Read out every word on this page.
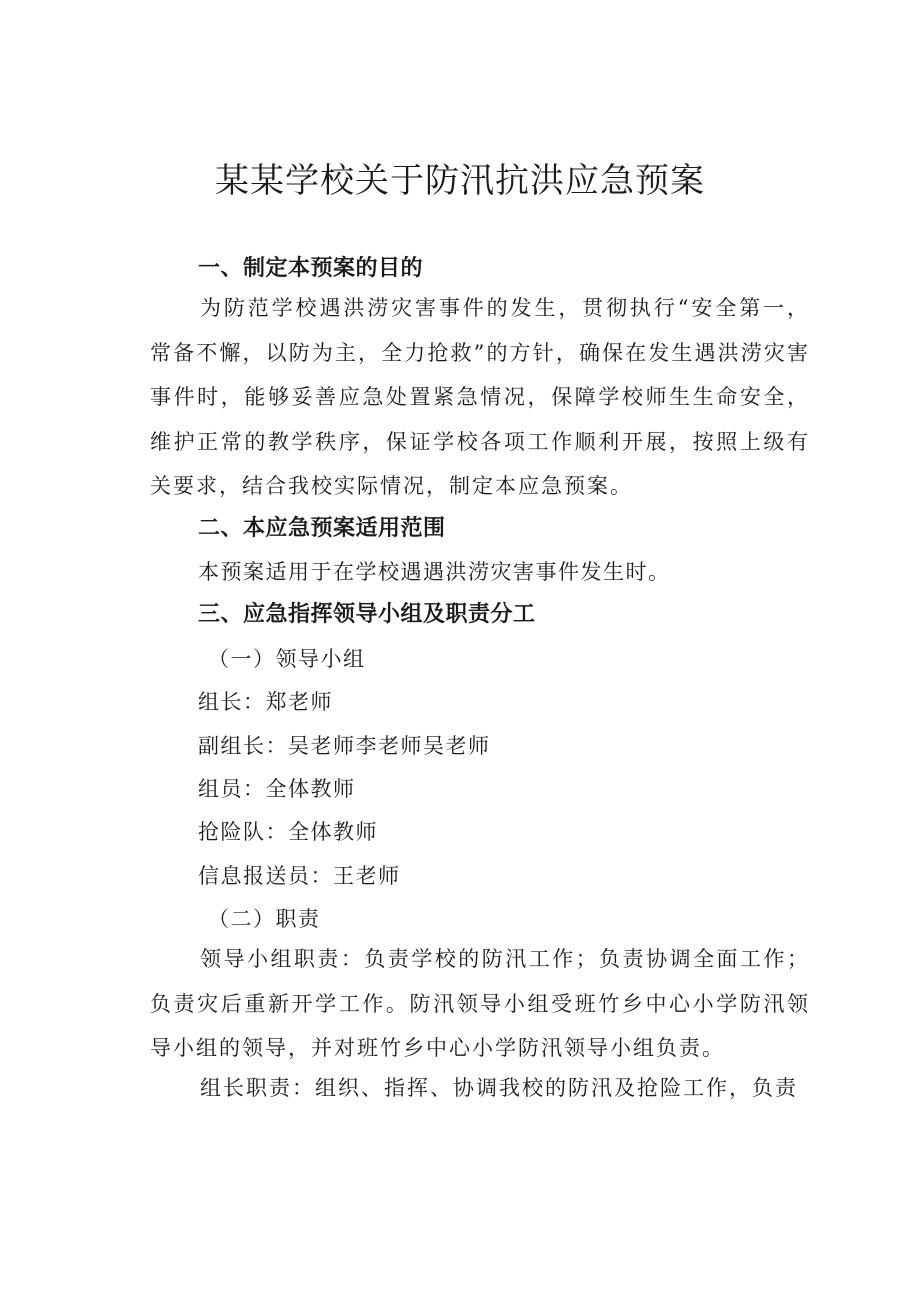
某某学校关于防汛抗洪应急预案
一、制定本预案的目的
为防范学校遇洪涝灾害事件的发生，贯彻执行“安全第一，常备不懈，以防为主，全力抢救”的方针，确保在发生遇洪涝灾害事件时，能够妥善应急处置紧急情况，保障学校师生生命安全，维护正常的教学秩序，保证学校各项工作顺利开展，按照上级有关要求，结合我校实际情况，制定本应急预案。
二、本应急预案适用范围
本预案适用于在学校遇遇洪涝灾害事件发生时。
三、应急指挥领导小组及职责分工
（一）领导小组
组长：郑老师
副组长：吴老师李老师吴老师
组员：全体教师
抢险队：全体教师
信息报送员：王老师
（二）职责
领导小组职责：负责学校的防汛工作；负责协调全面工作；负责灾后重新开学工作。防汛领导小组受班竹乡中心小学防汛领导小组的领导，并对班竹乡中心小学防汛领导小组负责。
组长职责：组织、指挥、协调我校的防汛及抢险工作，负责
